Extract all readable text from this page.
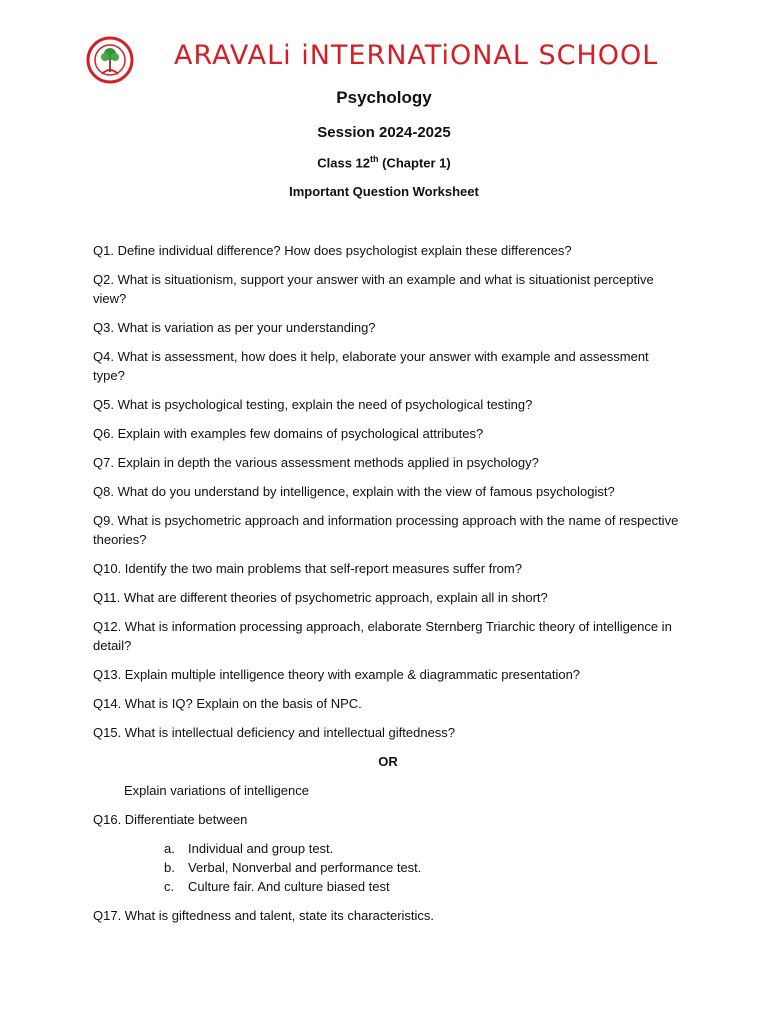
ARAVALi iNTERNATiONAL SCHOOL
Psychology
Session 2024-2025
Class 12th (Chapter 1)
Important Question Worksheet

Q1. Define individual difference? How does psychologist explain these differences?

Q2. What is situationism, support your answer with an example and what is situationist perceptive view?

Q3. What is variation as per your understanding?

Q4. What is assessment, how does it help, elaborate your answer with example and assessment type?

Q5. What is psychological testing, explain the need of psychological testing?

Q6. Explain with examples few domains of psychological attributes?

Q7. Explain in depth the various assessment methods applied in psychology?

Q8. What do you understand by intelligence, explain with the view of famous psychologist?

Q9. What is psychometric approach and information processing approach with the name of respective theories?

Q10. Identify the two main problems that self-report measures suffer from?

Q11. What are different theories of psychometric approach, explain all in short?

Q12. What is information processing approach, elaborate Sternberg Triarchic theory of intelligence in detail?

Q13. Explain multiple intelligence theory with example & diagrammatic presentation?

Q14. What is IQ? Explain on the basis of NPC.

Q15. What is intellectual deficiency and intellectual giftedness?

OR

Explain variations of intelligence

Q16. Differentiate between

a. Individual and group test.
b. Verbal, Nonverbal and performance test.
c. Culture fair. And culture biased test

Q17. What is giftedness and talent, state its characteristics.
